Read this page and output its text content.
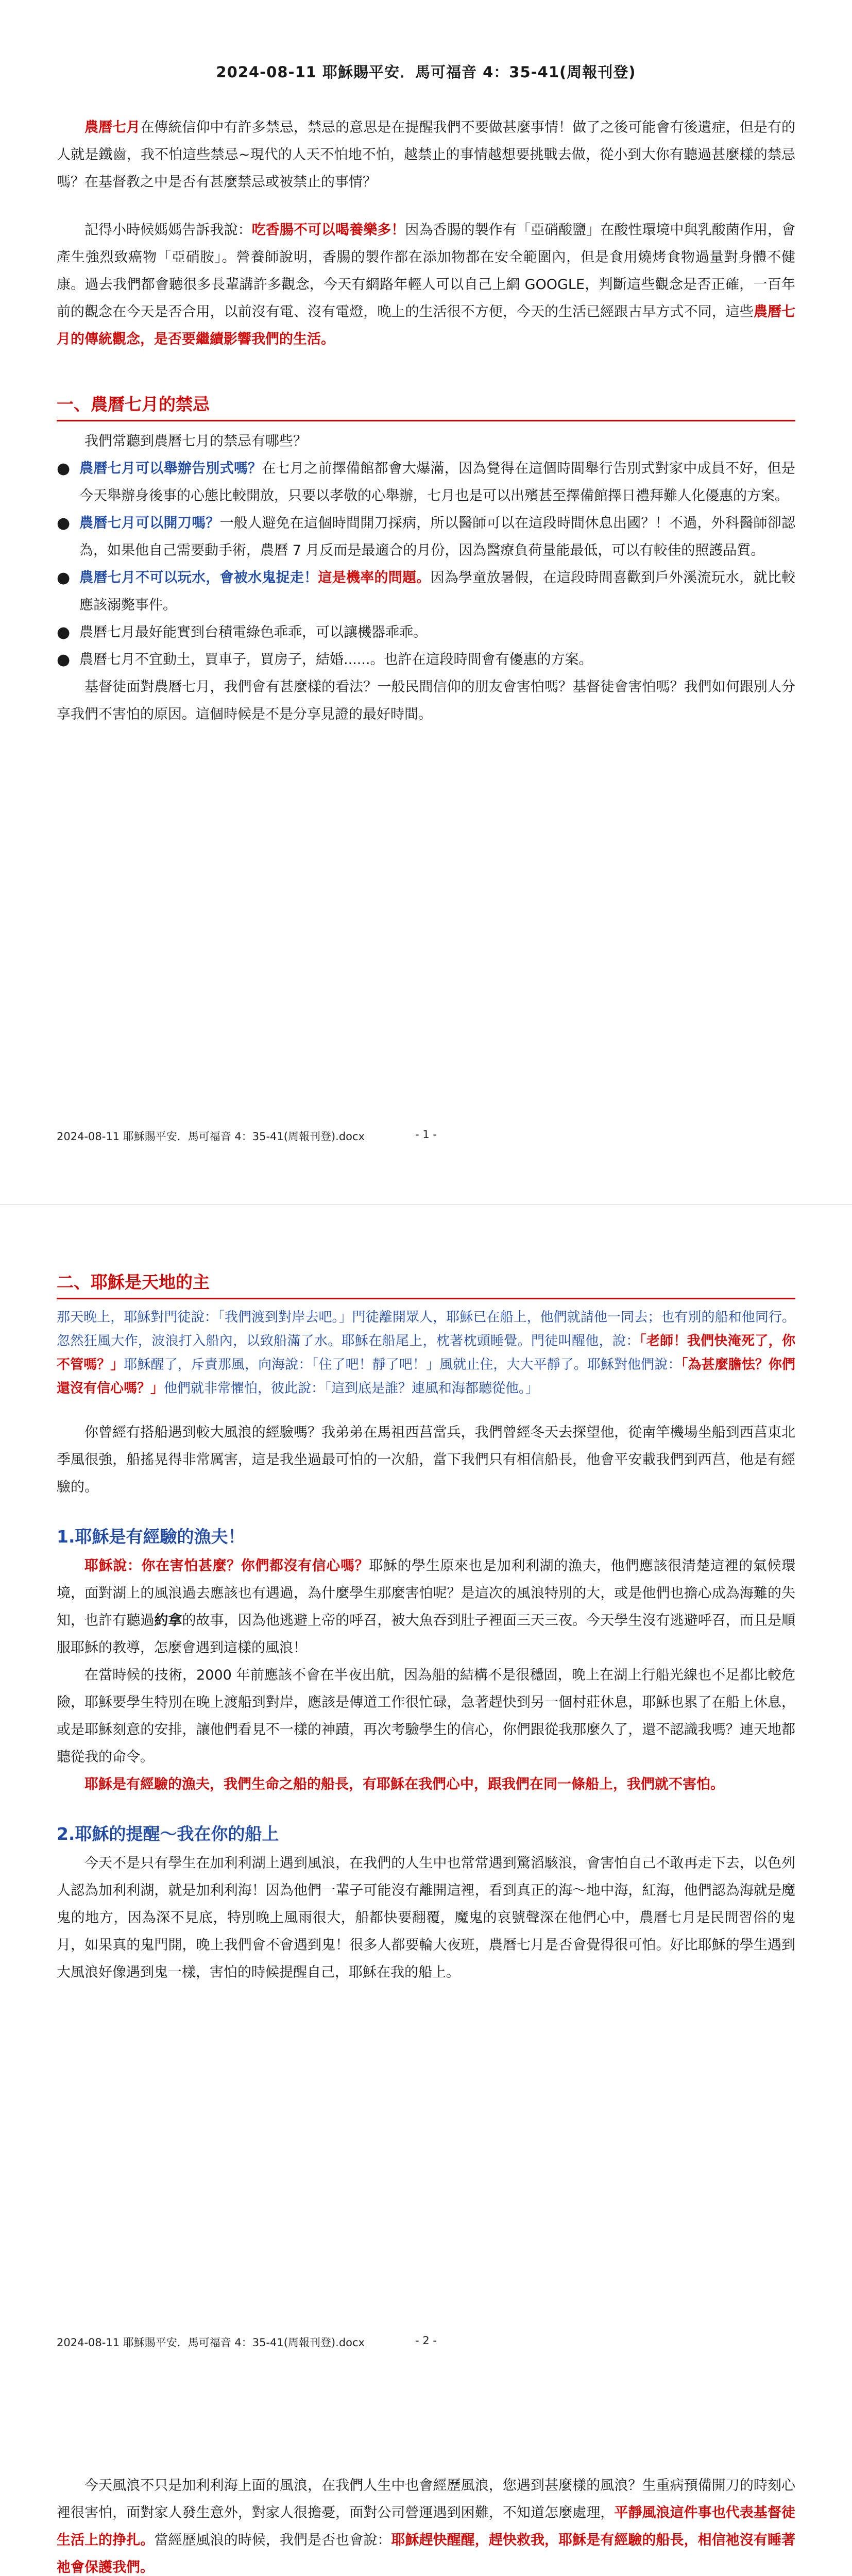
2024-08-11 耶穌賜平安．馬可福音 4：35-41(周報刊登)

農曆七月在傳統信仰中有許多禁忌，禁忌的意思是在提醒我們不要做甚麼事情！做了之後可能會有後遺症，但是有的人就是鐵齒，我不怕這些禁忌~現代的人天不怕地不怕，越禁止的事情越想要挑戰去做，從小到大你有聽過甚麼樣的禁忌嗎？在基督教之中是否有甚麼禁忌或被禁止的事情？

記得小時候媽媽告訴我說：吃香腸不可以喝養樂多！因為香腸的製作有「亞硝酸鹽」在酸性環境中與乳酸菌作用，會產生強烈致癌物「亞硝胺」。營養師說明，香腸的製作都在添加物都在安全範圍內，但是食用燒烤食物過量對身體不健康。過去我們都會聽很多長輩講許多觀念，今天有網路年輕人可以自己上網 GOOGLE，判斷這些觀念是否正確，一百年前的觀念在今天是否合用，以前沒有電、沒有電燈，晚上的生活很不方便，今天的生活已經跟古早方式不同，這些農曆七月的傳統觀念，是否要繼續影響我們的生活。

一、農曆七月的禁忌

我們常聽到農曆七月的禁忌有哪些？

● 農曆七月可以舉辦告別式嗎？在七月之前擇備館都會大爆滿，因為覺得在這個時間舉行告別式對家中成員不好，但是今天舉辦身後事的心態比較開放，只要以孝敬的心舉辦，七月也是可以出殯甚至擇備館擇日禮拜難人化優惠的方案。
● 農曆七月可以開刀嗎？一般人避免在這個時間開刀採病，所以醫師可以在這段時間休息出國？！不過，外科醫師卻認為，如果他自己需要動手術，農曆 7 月反而是最適合的月份，因為醫療負荷量能最低，可以有較佳的照護品質。
● 農曆七月不可以玩水，會被水鬼捉走！這是機率的問題。因為學童放暑假，在這段時間喜歡到戶外溪流玩水，就比較應該溺斃事件。
● 農曆七月最好能實到台積電綠色乖乖，可以讓機器乖乖。
● 農曆七月不宜動土，買車子，買房子，結婚......。也許在這段時間會有優惠的方案。

基督徒面對農曆七月，我們會有甚麼樣的看法？一般民間信仰的朋友會害怕嗎？基督徒會害怕嗎？我們如何跟別人分享我們不害怕的原因。這個時候是不是分享見證的最好時間。

2024-08-11 耶穌賜平安．馬可福音 4：35-41(周報刊登).docx	- 1 -
二、耶穌是天地的主

那天晚上，耶穌對門徒說：「我們渡到對岸去吧。」門徒離開眾人，耶穌已在船上，他們就請他一同去；也有別的船和他同行。忽然狂風大作，波浪打入船內，以致船滿了水。耶穌在船尾上，枕著枕頭睡覺。門徒叫醒他，說：「老師！我們快淹死了，你不管嗎？」耶穌醒了，斥責那風，向海說：「住了吧！靜了吧！」風就止住，大大平靜了。耶穌對他們說：「為甚麼膽怯？你們還沒有信心嗎？」他們就非常懼怕，彼此說：「這到底是誰？連風和海都聽從他。」

你曾經有搭船遇到較大風浪的經驗嗎？我弟弟在馬祖西莒當兵，我們曾經冬天去探望他，從南竿機場坐船到西莒東北季風很強，船搖晃得非常厲害，這是我坐過最可怕的一次船，當下我們只有相信船長，他會平安載我們到西莒，他是有經驗的。

1.耶穌是有經驗的漁夫！

耶穌說：你在害怕甚麼？你們都沒有信心嗎？耶穌的學生原來也是加利利湖的漁夫，他們應該很清楚這裡的氣候環境，面對湖上的風浪過去應該也有遇過，為什麼學生那麼害怕呢？是這次的風浪特別的大，或是他們也擔心成為海難的失知，也許有聽過約拿的故事，因為他逃避上帝的呼召，被大魚吞到肚子裡面三天三夜。今天學生沒有逃避呼召，而且是順服耶穌的教導，怎麼會遇到這樣的風浪！

在當時候的技術，2000 年前應該不會在半夜出航，因為船的結構不是很穩固，晚上在湖上行船光線也不足都比較危險，耶穌要學生特別在晚上渡船到對岸，應該是傳道工作很忙碌，急著趕快到另一個村莊休息，耶穌也累了在船上休息，或是耶穌刻意的安排，讓他們看見不一樣的神蹟，再次考驗學生的信心，你們跟從我那麼久了，還不認識我嗎？連天地都聽從我的命令。

耶穌是有經驗的漁夫，我們生命之船的船長，有耶穌在我們心中，跟我們在同一條船上，我們就不害怕。

2.耶穌的提醒～我在你的船上

今天不是只有學生在加利利湖上遇到風浪，在我們的人生中也常常遇到驚滔駭浪，會害怕自己不敢再走下去，以色列人認為加利利湖，就是加利利海！因為他們一輩子可能沒有離開這裡，看到真正的海～地中海，紅海，他們認為海就是魔鬼的地方，因為深不見底，特別晚上風雨很大，船都快要翻覆，魔鬼的哀號聲深在他們心中，農曆七月是民間習俗的鬼月，如果真的鬼門開，晚上我們會不會遇到鬼！很多人都要輪大夜班，農曆七月是否會覺得很可怕。好比耶穌的學生遇到大風浪好像遇到鬼一樣，害怕的時候提醒自己，耶穌在我的船上。

2024-08-11 耶穌賜平安．馬可福音 4：35-41(周報刊登).docx	- 2 -

今天風浪不只是加利利海上面的風浪，在我們人生中也會經歷風浪，您遇到甚麼樣的風浪？生重病預備開刀的時刻心裡很害怕，面對家人發生意外，對家人很擔憂，面對公司營運遇到困難，不知道怎麼處理，平靜風浪這件事也代表基督徒生活上的挣扎。當經歷風浪的時候，我們是否也會說：耶穌趕快醒醒，趕快救我，耶穌是有經驗的船長，相信祂沒有睡著祂會保護我們。
